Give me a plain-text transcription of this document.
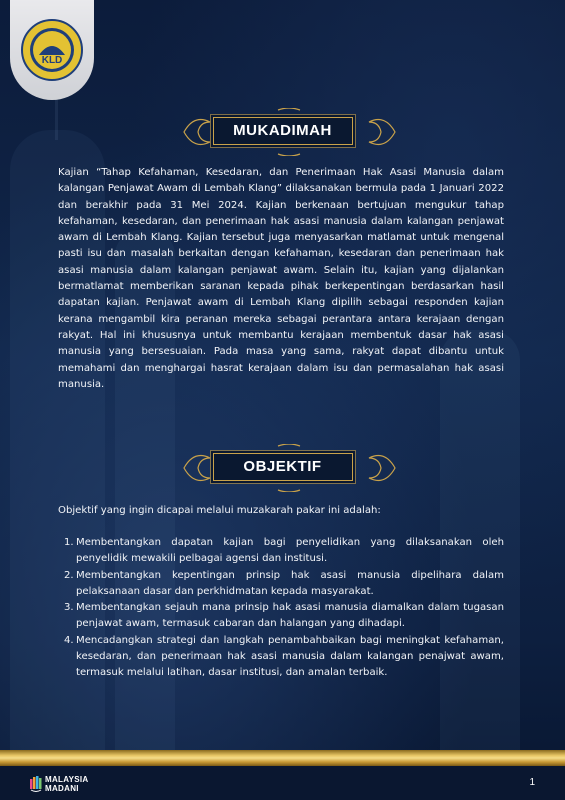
KLD
MUKADIMAH

Kajian “Tahap Kefahaman, Kesedaran, dan Penerimaan Hak Asasi Manusia dalam kalangan Penjawat Awam di Lembah Klang” dilaksanakan bermula pada 1 Januari 2022 dan berakhir pada 31 Mei 2024. Kajian berkenaan bertujuan mengukur tahap kefahaman, kesedaran, dan penerimaan hak asasi manusia dalam kalangan penjawat awam di Lembah Klang. Kajian tersebut juga menyasarkan matlamat untuk mengenal pasti isu dan masalah berkaitan dengan kefahaman, kesedaran dan penerimaan hak asasi manusia dalam kalangan penjawat awam. Selain itu, kajian yang dijalankan bermatlamat memberikan saranan kepada pihak berkepentingan berdasarkan hasil dapatan kajian. Penjawat awam di Lembah Klang dipilih sebagai responden kajian kerana mengambil kira peranan mereka sebagai perantara antara kerajaan dengan rakyat. Hal ini khususnya untuk membantu kerajaan membentuk dasar hak asasi manusia yang bersesuaian. Pada masa yang sama, rakyat dapat dibantu untuk memahami dan menghargai hasrat kerajaan dalam isu dan permasalahan hak asasi manusia.

OBJEKTIF

Objektif yang ingin dicapai melalui muzakarah pakar ini adalah:

1. Membentangkan dapatan kajian bagi penyelidikan yang dilaksanakan oleh penyelidik mewakili pelbagai agensi dan institusi.
2. Membentangkan kepentingan prinsip hak asasi manusia dipelihara dalam pelaksanaan dasar dan perkhidmatan kepada masyarakat.
3. Membentangkan sejauh mana prinsip hak asasi manusia diamalkan dalam tugasan penjawat awam, termasuk cabaran dan halangan yang dihadapi.
4. Mencadangkan strategi dan langkah penambahbaikan bagi meningkat kefahaman, kesedaran, dan penerimaan hak asasi manusia dalam kalangan penajwat awam, termasuk melalui latihan, dasar institusi, dan amalan terbaik.
MALAYSIA
MADANI
1
